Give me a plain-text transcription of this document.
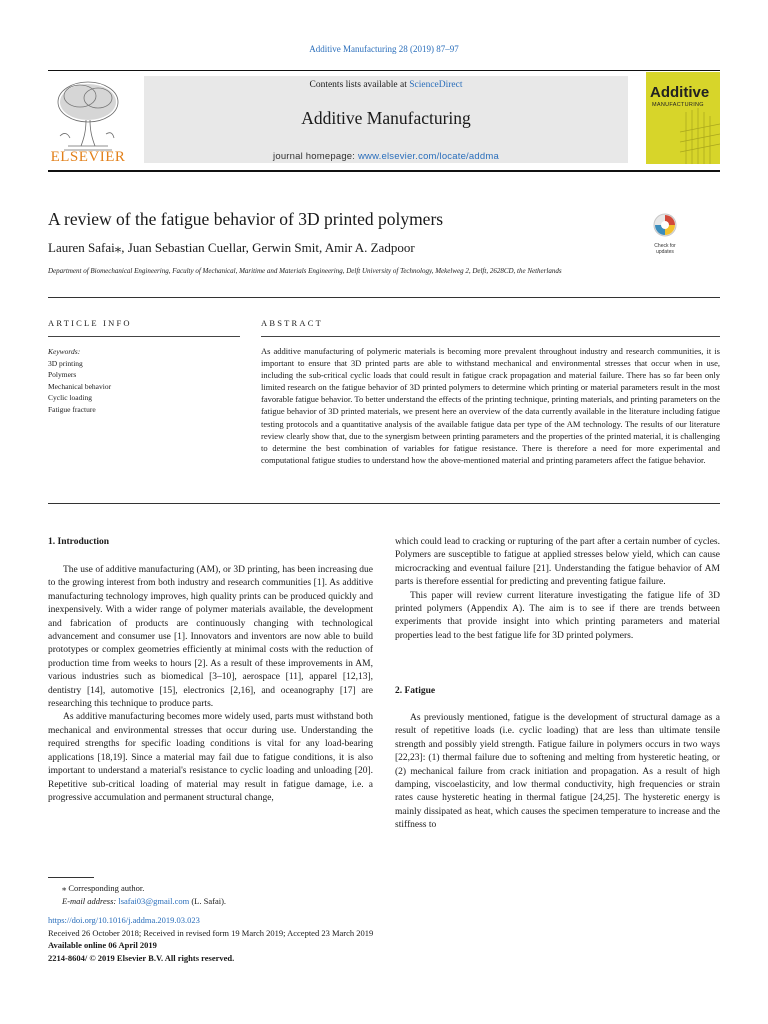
Additive Manufacturing 28 (2019) 87–97
ELSEVIER
Contents lists available at ScienceDirect
Additive Manufacturing
journal homepage: www.elsevier.com/locate/addma
Additive
MANUFACTURING
A review of the fatigue behavior of 3D printed polymers
Lauren Safai⁎, Juan Sebastian Cuellar, Gerwin Smit, Amir A. Zadpoor
Department of Biomechanical Engineering, Faculty of Mechanical, Maritime and Materials Engineering, Delft University of Technology, Mekelweg 2, Delft, 2628CD, the Netherlands
Check for
updates
ARTICLE INFO	ABSTRACT
Keywords:
3D printing
Polymers
Mechanical behavior
Cyclic loading
Fatigue fracture
As additive manufacturing of polymeric materials is becoming more prevalent throughout industry and research communities, it is important to ensure that 3D printed parts are able to withstand mechanical and environmental stresses that occur when in use, including the sub-critical cyclic loads that could result in fatigue crack propagation and material failure. There has so far been only limited research on the fatigue behavior of 3D printed polymers to determine which printing or material parameters result in the most favorable fatigue behavior. To better understand the effects of the printing technique, printing materials, and printing parameters on the fatigue behavior of 3D printed materials, we present here an overview of the data currently available in the literature including fatigue testing protocols and a quantitative analysis of the available fatigue data per type of the AM technology. The results of our literature review clearly show that, due to the synergism between printing parameters and the properties of the printed material, it is challenging to determine the best combination of variables for fatigue resistance. There is therefore a need for more experimental and computational fatigue studies to understand how the above-mentioned material and printing parameters affect the fatigue behavior.
1. Introduction

The use of additive manufacturing (AM), or 3D printing, has been increasing due to the growing interest from both industry and research communities [1]. As additive manufacturing technology improves, high quality prints can be produced quickly and inexpensively. With a wider range of polymer materials available, the development and fabrication of products are continuously changing with technological advancement and consumer use [1]. Innovators and inventors are now able to build prototypes or complex geometries efficiently at minimal costs with the reduction of production time from weeks to hours [2]. As a result of these improvements in AM, various industries such as biomedical [3–10], aerospace [11], apparel [12,13], dentistry [14], automotive [15], electronics [2,16], and oceanography [17] are researching this technique to produce parts.

As additive manufacturing becomes more widely used, parts must withstand both mechanical and environmental stresses that occur during use. Understanding the required strengths for specific loading conditions is vital for any load-bearing applications [18,19]. Since a material may fail due to fatigue conditions, it is also important to understand a material's resistance to cyclic loading and unloading [20]. Repetitive sub-critical loading of material may result in fatigue damage, i.e. a progressive accumulation and permanent structural change,

which could lead to cracking or rupturing of the part after a certain number of cycles. Polymers are susceptible to fatigue at applied stresses below yield, which can cause microcracking and eventual failure [21]. Understanding the fatigue behavior of AM parts is therefore essential for predicting and preventing fatigue failure.

This paper will review current literature investigating the fatigue life of 3D printed polymers (Appendix A). The aim is to see if there are trends between experiments that provide insight into which printing parameters and material properties lead to the best fatigue life for 3D printed polymers.

2. Fatigue

As previously mentioned, fatigue is the development of structural damage as a result of repetitive loads (i.e. cyclic loading) that are less than ultimate tensile strength and possibly yield strength. Fatigue failure in polymers occurs in two ways [22,23]: (1) thermal failure due to softening and melting from hysteretic heating, or (2) mechanical failure from crack initiation and propagation. As a result of high damping, viscoelasticity, and low thermal conductivity, high frequencies or strain rates cause hysteretic heating in thermal fatigue [24,25]. The hysteretic energy is mainly dissipated as heat, which causes the specimen temperature to increase and the stiffness to

⁎ Corresponding author.
E-mail address: lsafai03@gmail.com (L. Safai).
https://doi.org/10.1016/j.addma.2019.03.023
Received 26 October 2018; Received in revised form 19 March 2019; Accepted 23 March 2019
Available online 06 April 2019
2214-8604/ © 2019 Elsevier B.V. All rights reserved.
